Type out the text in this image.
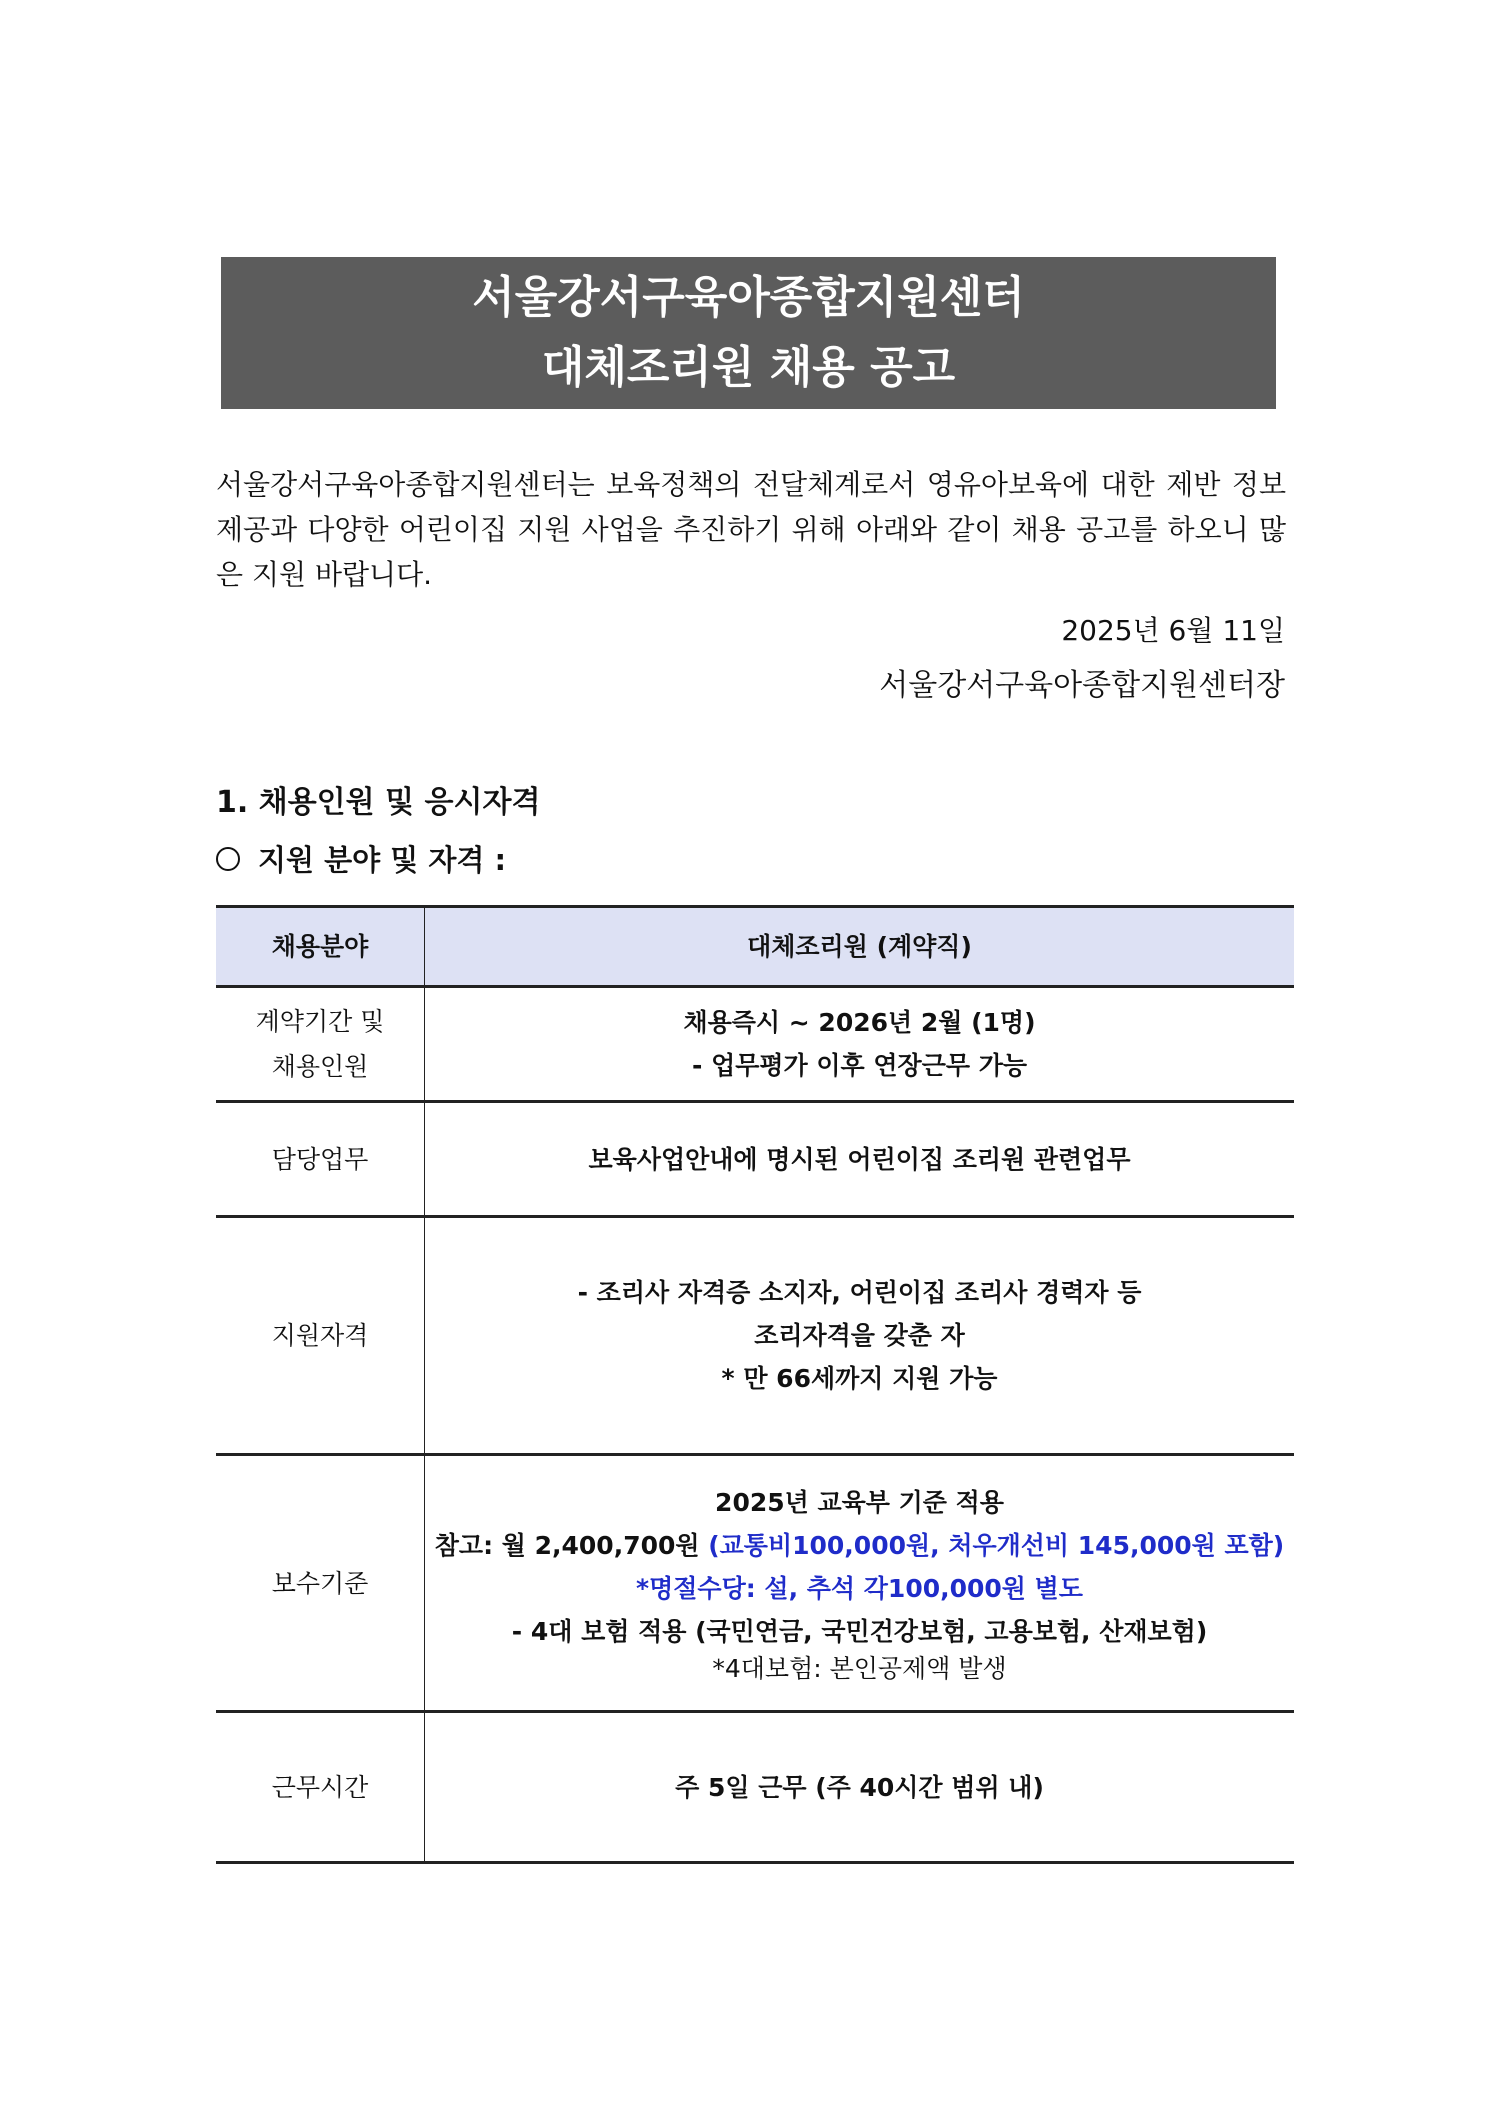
서울강서구육아종합지원센터
대체조리원 채용 공고
서울강서구육아종합지원센터는 보육정책의 전달체계로서 영유아보육에 대한 제반 정보 제공과 다양한 어린이집 지원 사업을 추진하기 위해 아래와 같이 채용 공고를 하오니 많은 지원 바랍니다.
2025년 6월 11일
서울강서구육아종합지원센터장
1. 채용인원 및 응시자격
지원 분야 및 자격 :
채용분야	대체조리원 (계약직)

계약기간 및
채용인원	채용즉시 ~ 2026년 2월 (1명)
- 업무평가 이후 연장근무 가능

담당업무	보육사업안내에 명시된 어린이집 조리원 관련업무
지원자격	- 조리사 자격증 소지자, 어린이집 조리사 경력자 등
조리자격을 갖춘 자
* 만 66세까지 지원 가능

보수기준	2025년 교육부 기준 적용
참고: 월 2,400,700원 (교통비100,000원, 처우개선비 145,000원 포함)
*명절수당: 설, 추석 각100,000원 별도
- 4대 보험 적용 (국민연금, 국민건강보험, 고용보험, 산재보험)
*4대보험: 본인공제액 발생

근무시간	주 5일 근무 (주 40시간 범위 내)
